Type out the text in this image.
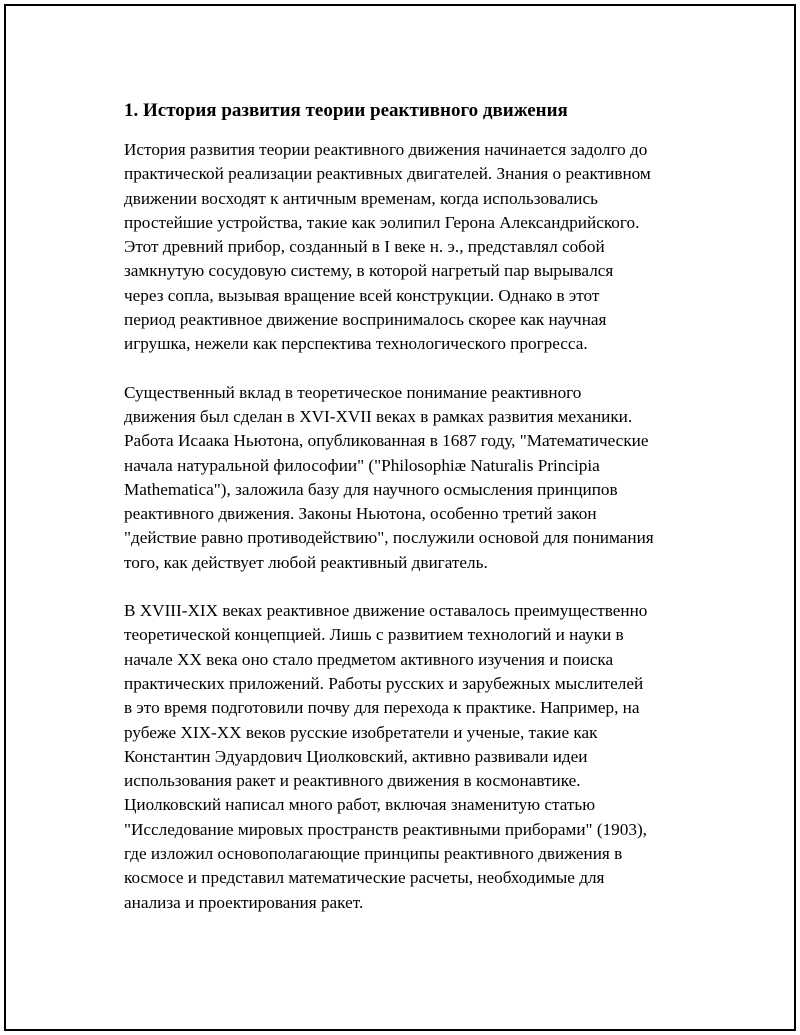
1. История развития теории реактивного движения

История развития теории реактивного движения начинается задолго до
практической реализации реактивных двигателей. Знания о реактивном
движении восходят к античным временам, когда использовались
простейшие устройства, такие как эолипил Герона Александрийского.
Этот древний прибор, созданный в I веке н. э., представлял собой
замкнутую сосудовую систему, в которой нагретый пар вырывался
через сопла, вызывая вращение всей конструкции. Однако в этот
период реактивное движение воспринималось скорее как научная
игрушка, нежели как перспектива технологического прогресса.

Существенный вклад в теоретическое понимание реактивного
движения был сделан в XVI-XVII веках в рамках развития механики.
Работа Исаака Ньютона, опубликованная в 1687 году, "Математические
начала натуральной философии" ("Philosophiæ Naturalis Principia
Mathematica"), заложила базу для научного осмысления принципов
реактивного движения. Законы Ньютона, особенно третий закон
"действие равно противодействию", послужили основой для понимания
того, как действует любой реактивный двигатель.

В XVIII-XIX веках реактивное движение оставалось преимущественно
теоретической концепцией. Лишь с развитием технологий и науки в
начале XX века оно стало предметом активного изучения и поиска
практических приложений. Работы русских и зарубежных мыслителей
в это время подготовили почву для перехода к практике. Например, на
рубеже XIX-XX веков русские изобретатели и ученые, такие как
Константин Эдуардович Циолковский, активно развивали идеи
использования ракет и реактивного движения в космонавтике.
Циолковский написал много работ, включая знаменитую статью
"Исследование мировых пространств реактивными приборами" (1903),
где изложил основополагающие принципы реактивного движения в
космосе и представил математические расчеты, необходимые для
анализа и проектирования ракет.
